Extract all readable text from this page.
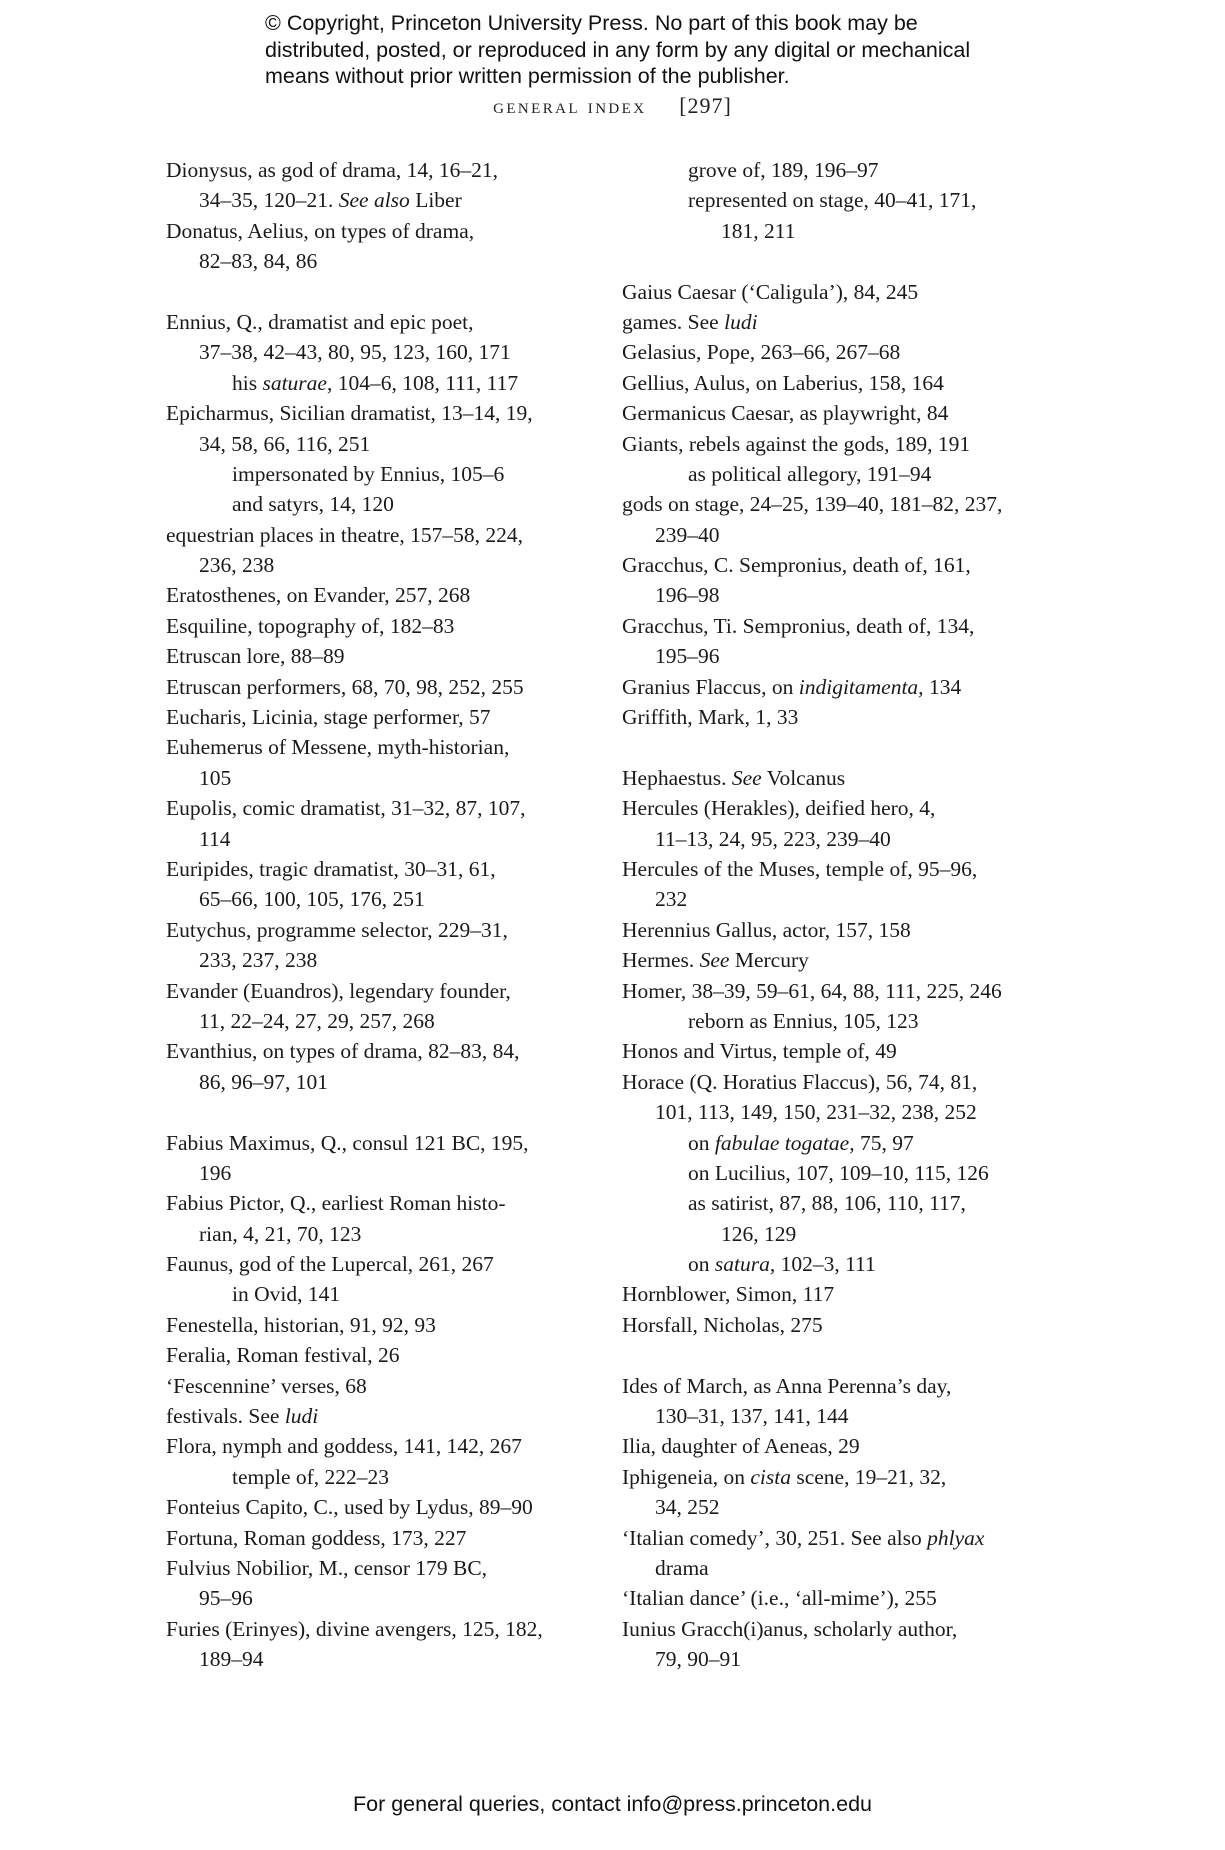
© Copyright, Princeton University Press. No part of this book may be

distributed, posted, or reproduced in any form by any digital or mechanical

means without prior written permission of the publisher.

general index [297]
Dionysus, as god of drama, 14, 16–21,
34–35, 120–21. See also Liber
Donatus, Aelius, on types of drama,
82–83, 84, 86
Ennius, Q., dramatist and epic poet,
37–38, 42–43, 80, 95, 123, 160, 171
his saturae, 104–6, 108, 111, 117
Epicharmus, Sicilian dramatist, 13–14, 19,
34, 58, 66, 116, 251
impersonated by Ennius, 105–6
and satyrs, 14, 120
equestrian places in theatre, 157–58, 224,
236, 238
Eratosthenes, on Evander, 257, 268
Esquiline, topography of, 182–83
Etruscan lore, 88–89
Etruscan performers, 68, 70, 98, 252, 255
Eucharis, Licinia, stage performer, 57
Euhemerus of Messene, myth-historian,
105
Eupolis, comic dramatist, 31–32, 87, 107,
114
Euripides, tragic dramatist, 30–31, 61,
65–66, 100, 105, 176, 251
Eutychus, programme selector, 229–31,
233, 237, 238
Evander (Euandros), legendary founder,
11, 22–24, 27, 29, 257, 268
Evanthius, on types of drama, 82–83, 84,
86, 96–97, 101
Fabius Maximus, Q., consul 121 BC, 195,
196
Fabius Pictor, Q., earliest Roman histo-
rian, 4, 21, 70, 123
Faunus, god of the Lupercal, 261, 267
in Ovid, 141
Fenestella, historian, 91, 92, 93
Feralia, Roman festival, 26
‘Fescennine’ verses, 68
festivals. See ludi
Flora, nymph and goddess, 141, 142, 267
temple of, 222–23
Fonteius Capito, C., used by Lydus, 89–90
Fortuna, Roman goddess, 173, 227
Fulvius Nobilior, M., censor 179 BC,
95–96
Furies (Erinyes), divine avengers, 125, 182,
189–94
grove of, 189, 196–97
represented on stage, 40–41, 171,
181, 211
Gaius Caesar (‘Caligula’), 84, 245
games. See ludi
Gelasius, Pope, 263–66, 267–68
Gellius, Aulus, on Laberius, 158, 164
Germanicus Caesar, as playwright, 84
Giants, rebels against the gods, 189, 191
as political allegory, 191–94
gods on stage, 24–25, 139–40, 181–82, 237,
239–40
Gracchus, C. Sempronius, death of, 161,
196–98
Gracchus, Ti. Sempronius, death of, 134,
195–96
Granius Flaccus, on indigitamenta, 134
Griffith, Mark, 1, 33
Hephaestus. See Volcanus
Hercules (Herakles), deified hero, 4,
11–13, 24, 95, 223, 239–40
Hercules of the Muses, temple of, 95–96,
232
Herennius Gallus, actor, 157, 158
Hermes. See Mercury
Homer, 38–39, 59–61, 64, 88, 111, 225, 246
reborn as Ennius, 105, 123
Honos and Virtus, temple of, 49
Horace (Q. Horatius Flaccus), 56, 74, 81,
101, 113, 149, 150, 231–32, 238, 252
on fabulae togatae, 75, 97
on Lucilius, 107, 109–10, 115, 126
as satirist, 87, 88, 106, 110, 117,
126, 129
on satura, 102–3, 111
Hornblower, Simon, 117
Horsfall, Nicholas, 275
Ides of March, as Anna Perenna’s day,
130–31, 137, 141, 144
Ilia, daughter of Aeneas, 29
Iphigeneia, on cista scene, 19–21, 32,
34, 252
‘Italian comedy’, 30, 251. See also phlyax
drama
‘Italian dance’ (i.e., ‘all-mime’), 255
Iunius Gracch(i)anus, scholarly author,
79, 90–91
For general queries, contact info@press.princeton.edu
